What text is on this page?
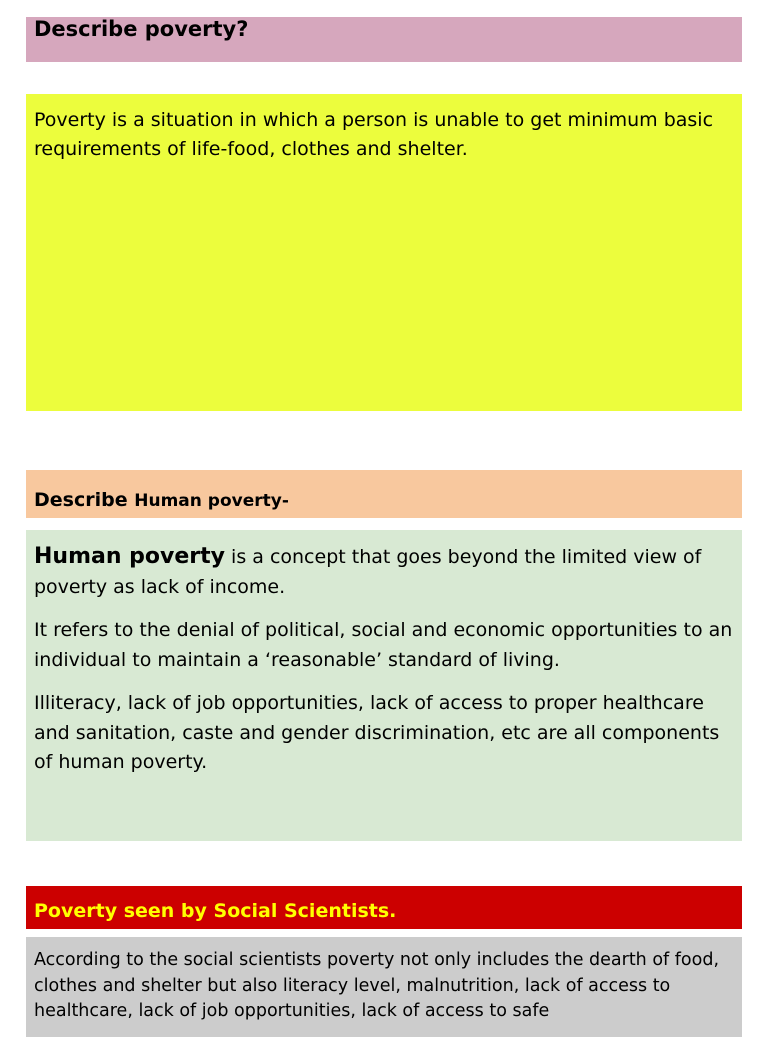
Describe poverty?

Poverty is a situation in which a person is unable to get minimum basic requirements of life-food, clothes and shelter.

Describe Human poverty-

Human poverty is a concept that goes beyond the limited view of poverty as lack of income.

It refers to the denial of political, social and economic opportunities to an individual to maintain a ‘reasonable’ standard of living.

Illiteracy, lack of job opportunities, lack of access to proper healthcare and sanitation, caste and gender discrimination, etc are all components of human poverty.

Poverty seen by Social Scientists.

According to the social scientists poverty not only includes the dearth of food, clothes and shelter but also literacy level, malnutrition, lack of access to healthcare, lack of job opportunities, lack of access to safe
